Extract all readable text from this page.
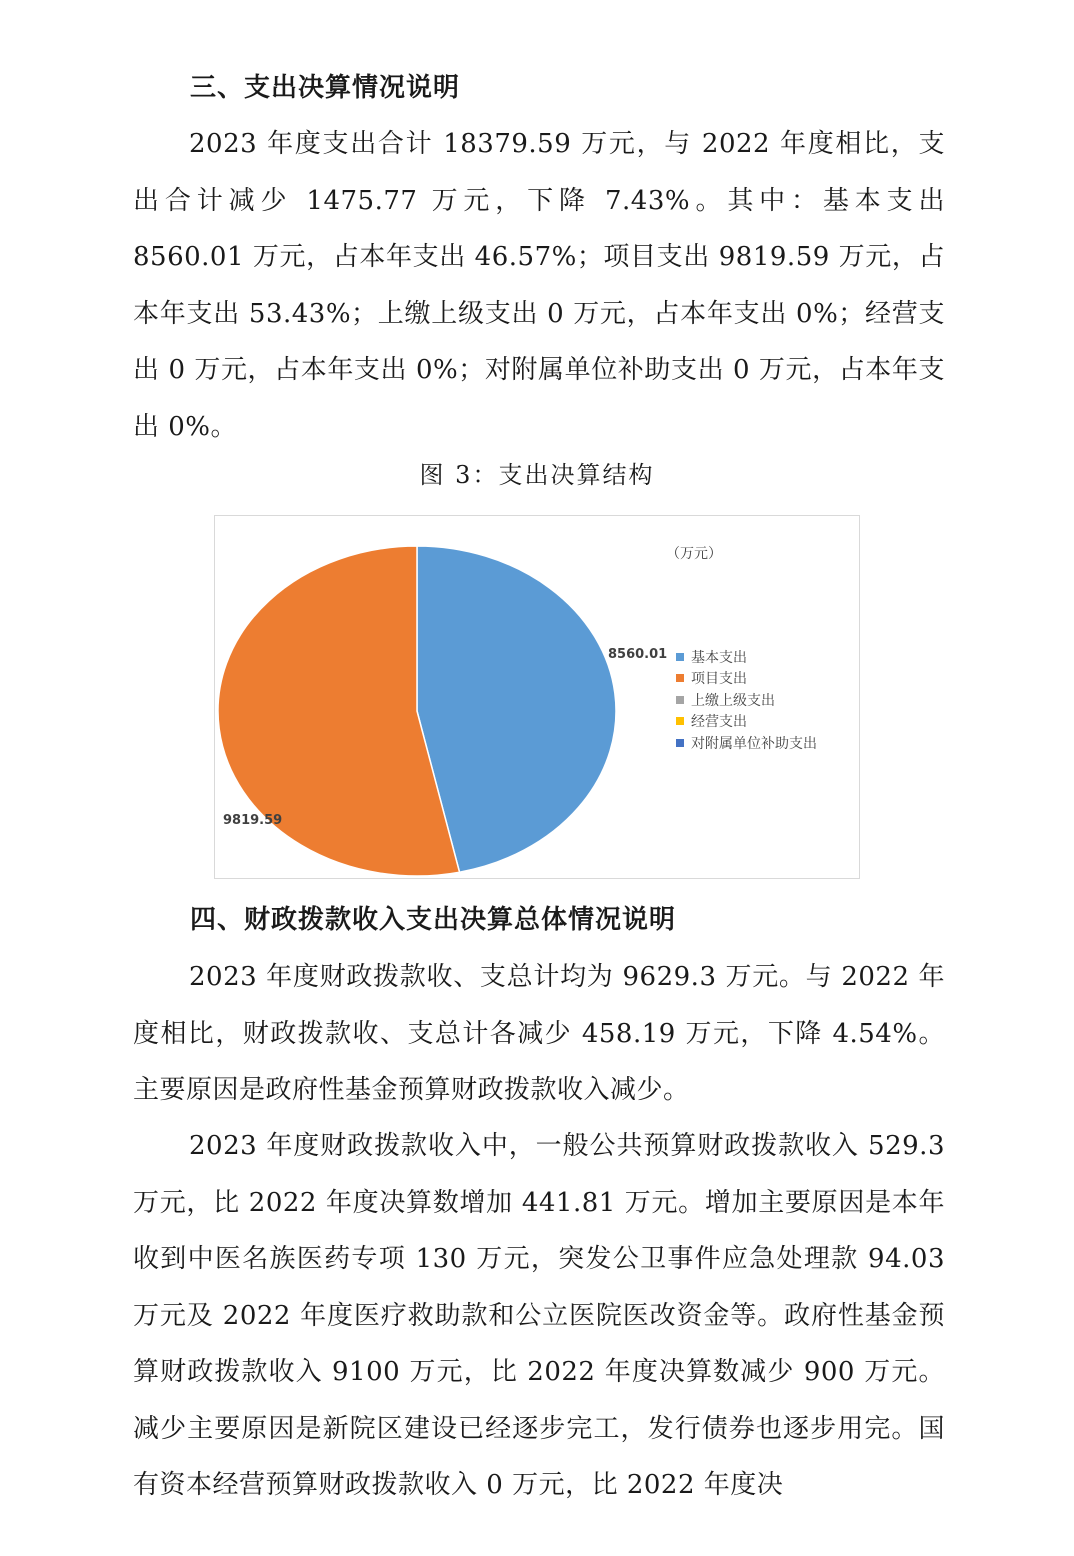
三、支出决算情况说明

2023 年度支出合计 18379.59 万元，与 2022 年度相比，支出合计减少 1475.77 万元，下降 7.43%。其中：基本支出 8560.01 万元，占本年支出 46.57%；项目支出 9819.59 万元，占本年支出 53.43%；上缴上级支出 0 万元，占本年支出 0%；经营支出 0 万元，占本年支出 0%；对附属单位补助支出 0 万元，占本年支出 0%。

图 3：支出决算结构

（万元）
8560.01
9819.59
基本支出
项目支出
上缴上级支出
经营支出
对附属单位补助支出
四、财政拨款收入支出决算总体情况说明

2023 年度财政拨款收、支总计均为 9629.3 万元。与 2022 年度相比，财政拨款收、支总计各减少 458.19 万元，下降 4.54%。主要原因是政府性基金预算财政拨款收入减少。

2023 年度财政拨款收入中，一般公共预算财政拨款收入 529.3 万元，比 2022 年度决算数增加 441.81 万元。增加主要原因是本年收到中医名族医药专项 130 万元，突发公卫事件应急处理款 94.03 万元及 2022 年度医疗救助款和公立医院医改资金等。政府性基金预算财政拨款收入 9100 万元，比 2022 年度决算数减少 900 万元。减少主要原因是新院区建设已经逐步完工，发行债券也逐步用完。国有资本经营预算财政拨款收入 0 万元，比 2022 年度决
